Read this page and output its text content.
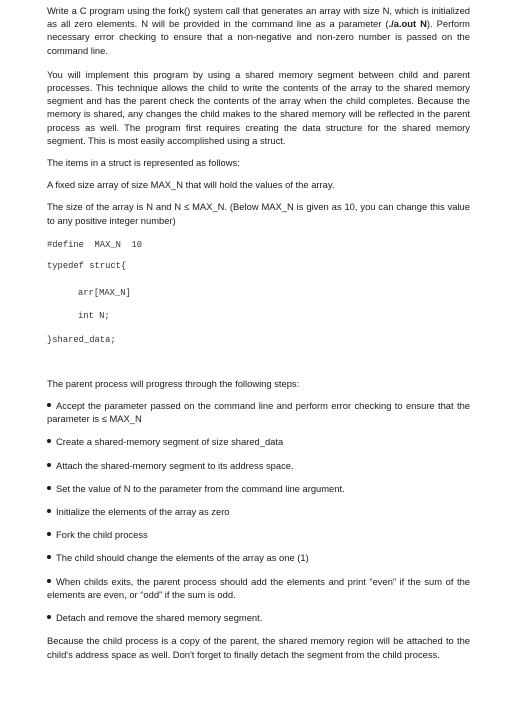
Write a C program using the fork() system call that generates an array with size N, which is initialized as all zero elements. N will be provided in the command line as a parameter (./a.out N). Perform necessary error checking to ensure that a non-negative and non-zero number is passed on the command line.

You will implement this program by using a shared memory segment between child and parent processes. This technique allows the child to write the contents of the array to the shared memory segment and has the parent check the contents of the array when the child completes. Because the memory is shared, any changes the child makes to the shared memory will be reflected in the parent process as well. The program first requires creating the data structure for the shared memory segment. This is most easily accomplished using a struct.

The items in a struct is represented as follows:

A fixed size array of size MAX_N that will hold the values of the array.

The size of the array is N and N ≤ MAX_N. (Below MAX_N is given as 10, you can change this value to any positive integer number)

#define  MAX_N  10

typedef struct{

arr[MAX_N]

int N;

}shared_data;

The parent process will progress through the following steps:

Accept the parameter passed on the command line and perform error checking to ensure that the parameter is ≤ MAX_N

Create a shared-memory segment of size shared_data

Attach the shared-memory segment to its address space.

Set the value of N to the parameter from the command line argument.

Initialize the elements of the array as zero

Fork the child process

The child should change the elements of the array as one (1)

When childs exits, the parent process should add the elements and print “even” if the sum of the elements are even, or “odd” if the sum is odd.

Detach and remove the shared memory segment.

Because the child process is a copy of the parent, the shared memory region will be attached to the child's address space as well. Don't forget to finally detach the segment from the child process.
